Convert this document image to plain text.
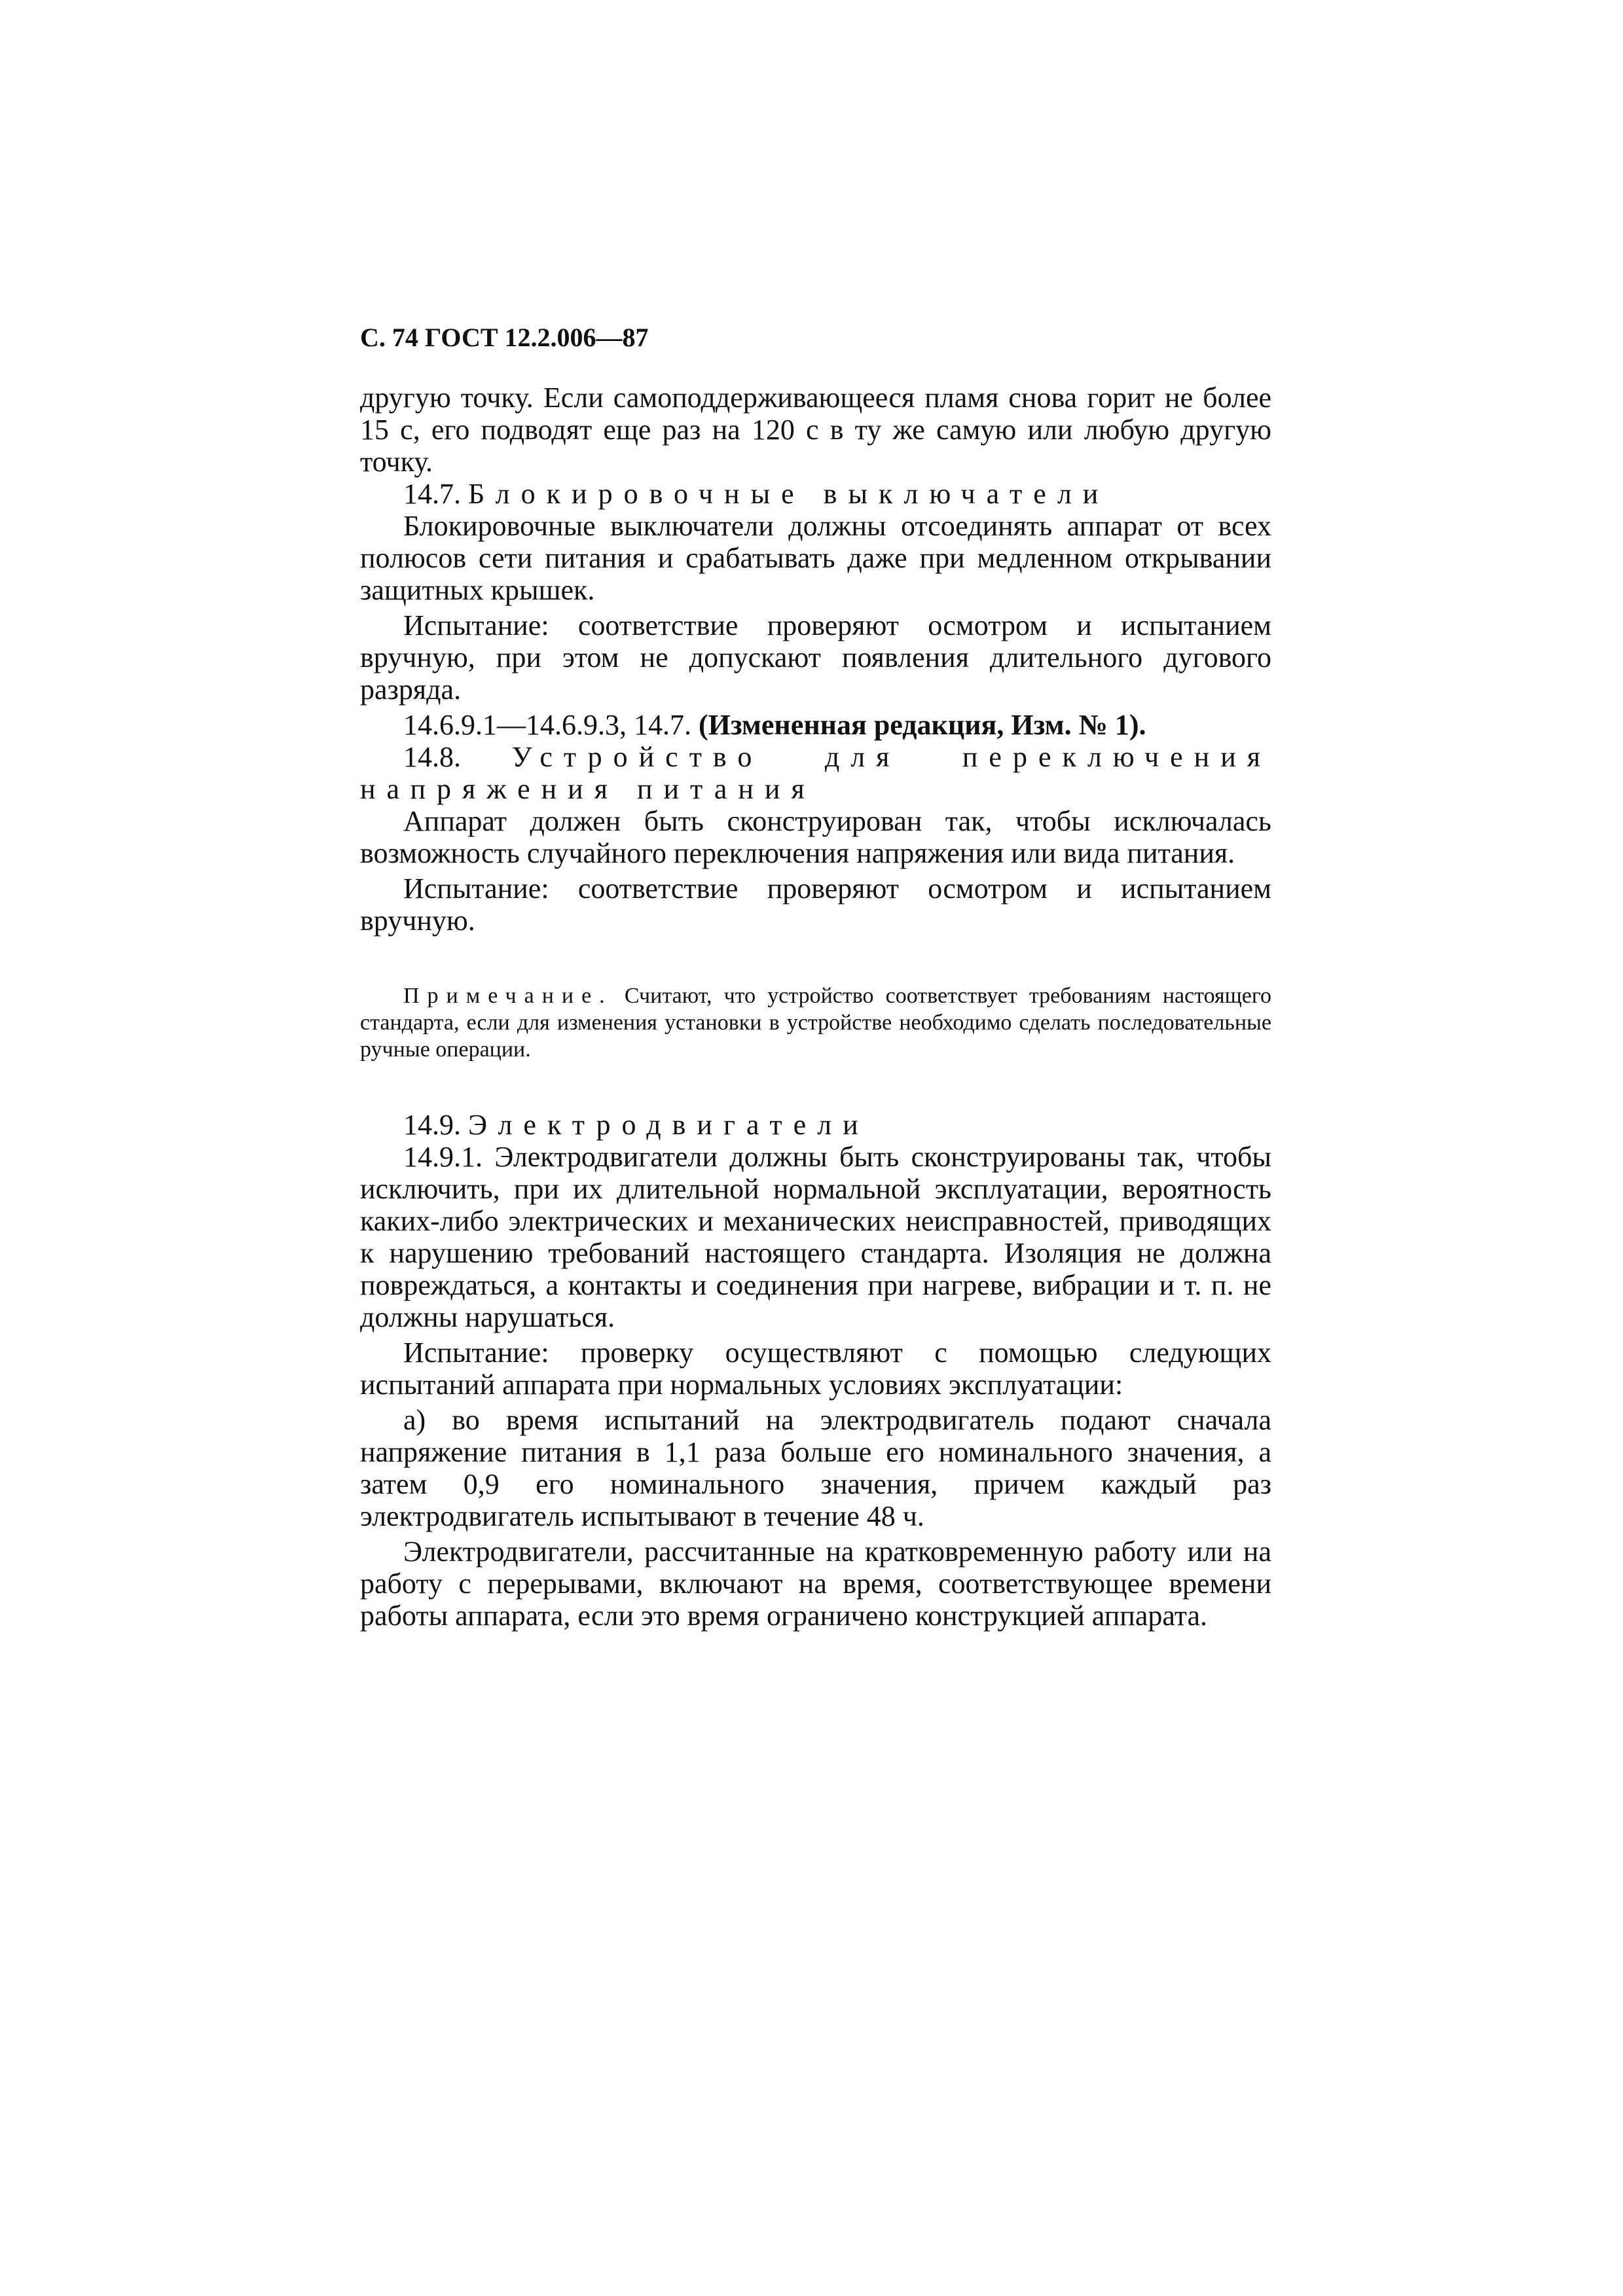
С. 74 ГОСТ 12.2.006—87

другую точку. Если самоподдерживающееся пламя снова горит не более 15 с, его подводят еще раз на 120 с в ту же самую или любую другую точку.

14.7. Блокировочные выключатели

Блокировочные выключатели должны отсоединять аппарат от всех полюсов сети питания и срабатывать даже при медленном открывании защитных крышек.

Испытание: соответствие проверяют осмотром и испытанием вручную, при этом не допускают появления длительного дугового разряда.

14.6.9.1—14.6.9.3, 14.7. (Измененная редакция, Изм. № 1).

14.8. Устройство для переключения напряжения питания

Аппарат должен быть сконструирован так, чтобы исключалась возможность случайного переключения напряжения или вида питания.

Испытание: соответствие проверяют осмотром и испытанием вручную.

Примечание. Считают, что устройство соответствует требованиям настоящего стандарта, если для изменения установки в устройстве необходимо сделать последовательные ручные операции.

14.9. Электродвигатели

14.9.1. Электродвигатели должны быть сконструированы так, чтобы исключить, при их длительной нормальной эксплуатации, вероятность каких-либо электрических и механических неисправностей, приводящих к нарушению требований настоящего стандарта. Изоляция не должна повреждаться, а контакты и соединения при нагреве, вибрации и т. п. не должны нарушаться.

Испытание: проверку осуществляют с помощью следующих испытаний аппарата при нормальных условиях эксплуатации:

а) во время испытаний на электродвигатель подают сначала напряжение питания в 1,1 раза больше его номинального значения, а затем 0,9 его номинального значения, причем каждый раз электродвигатель испытывают в течение 48 ч.

Электродвигатели, рассчитанные на кратковременную работу или на работу с перерывами, включают на время, соответствующее времени работы аппарата, если это время ограничено конструкцией аппарата.
